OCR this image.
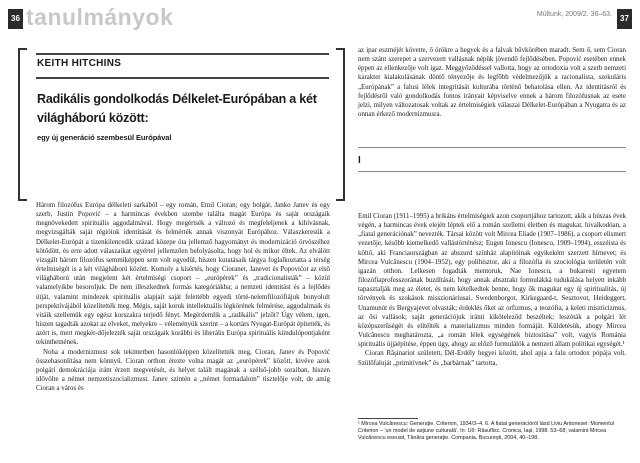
36 tanulmányok	Múltunk, 2009/2. 36–63.	37
KEITH HITCHINS
Radikális gondolkodás Délkelet-Európában a két világháború között:
egy új generáció szembesül Európával

Három filozófus Európa délkeleti sarkából – egy román, Emil Cioran; egy bolgár, Janko Janev és egy szerb, Justin Popović – a harmincas években szembe találta magát Európa és saját országaik megnövekedett spirituális aggodalmával. Hogy megértsék a változó és megfeleljenek a kihívásnak, megvizsgálták saját régióiuk identitását és felmérték annak viszonyát Európához. Válaszkeresük a Délkelet-Európát a tizenkilencedik század közepe óta jellemző hagyományt és modernizáció örvöszéhez kötődött, és erre adott válaszaikat egyértel jellemzően befolyásolta, hogy hol és mikor éltek. Az elválött vizsgált három filozófus semmiképpen sem volt egyedül, hiszen kutatásaik tárgya foglalkoztatta a térség értelmiségét is a két világháború között. Komoly a kísértés, hogy Cioranet, Janevet és Popovićot az első világháború után megjelent két értelmiségi csoport – „európérek” és „tradicionalisták” – közül valamelyikbe besoroljuk. De nem illeszkednek formás kategóriákba; a nemzeti identitást és a fejlődés útját, valamint mindezek spirituális alapjait saját felettébb egyedi törté-nelemfilozófiájuk bonyolult perspektívájából közelítették meg. Mégis, saját koruk intellektuális légkörének felmérése, aggodalmaik és vitáik szellemük egy egész korszakra terjedő fényt. Megérdemlik a „radikális” jelzőt? Úgy vélem, igen, hiszen tagadták azokat az elveket, melyekre – véleményük szerint – a kortárs Nyugat-Európát építették, és azért is, mert megkér-dőjelezték saját országaik korábbi és liberális Európa spirituális kiindulópontjaként tekinthetnének.

Noha a modernizmust sok tekintetben hasonlóképpen közelítették meg, Cioran, Janev és Popović összehasonlítása nem könnyű. Cioran orthon érezte volna magát az „európérek” között, kivéve azok polgári demokráciája iránt érzett megvetését, és helyet talált magának a szélső-jobb soraiban, hiszen idővölte a német nemzetiszocializmust. Janev szintén a „német formadalom” tisztelője volt, de amíg Cioran a város és

az ipar eszméjét követte, ő örökre a hegyek és a falvak bűvkörében maradt. Sem ő, sem Cioran nem szánt szerepet a szervezett vallásnak népük jövendő fejlődésében. Popović esetében ennek éppen az ellenkezője volt igaz. Meggyőződéssel vallotta, hogy az ortodoxia volt a szerb nemzeti karakter kialakulásának döntő tényezője és legfőbb védelmezőjük a racionalista, szekuláris „Európának” a falusi lélek integritását kulturába történő behatolása ellen. Az identitásról és fejlődésről való gondolkodás fontos irányait képviselve ennek a három filozófusnak az esete jelzi, milyen változatosak voltak az értelmiségiek válaszai Délkelet-Európában a Nyugatra és az onnan érkező modernizmusra.

I

Emil Cioran (1911–1995) a brikáns értelmiségiek azon csoportjához tartozott, akik a húszas évek végén, a harmincas évek elején léptek elő a román szellemi életben és magukat, hivalkodóan, a „fiatal generációnak” nevezték. Társai között volt Mircea Eliade (1907–1986), a csoport elismert vezetője, később kiemelkedő vallástörténész; Eugen Ionescu (Ionesco, 1909–1994), esszéista és költő, aki Franciaországban az abszurd színház alapítóinak egyikeként szerzett hírnevet; és Mircea Vulcănescu (1904–1952), egy polihisztor, aki a filozófia és szociológia területén volt igazán otthon. Lelkesen fogadták mentoruk, Nae Ionescu, a bukaresti egyetem filozófiaprofesszorának buzdítását, hogy annak absztrakt formulákká tudukálása helyett inkább tapasztalják meg az életet, és nem kételkedtek benne, hogy ők magukat egy új spiritualitás, új törvények és szokások misszionáriusai. Swedenborgot, Kirkegaard-t, Sesztovot, Heideggert, Unamunót és Bergyajevet olvasták; érdeklés őket az orfizmus, a teozófia, a keleti miszticizmus, az ősi vallások; saját generációjuk iránti kiköteleződ beszéltek; leszóták a polgári lét középszerűségét és elítélték a materializmus minden formáját. Küldetésük, ahogy Mircea Vulcănescu meghatározta, „a román lélek egységének biztosítása” volt, vagyis Románia spirituális újjáépítése, éppen úgy, ahogy az előző formulálók a nemzeti állam polítikai egységét.¹

Cioran Răşinariot született, Dél-Erdély hegyei között, ahol apja a falu ortodox pópája volt. Szülőfaluját „primitívnek” és „barbárnak” tartotta,

¹ Mircea Vulcănescu: Generaţie. Criterion, 1934/3–4. 6. A fiatal generációról lásd Liviu Antonesei: Momentul Criterion – ‘un model de asţiune culturală’. In: Uő: Râsuflisc. Cronica, Iaşi, 1998. 53–68; valamint Mircea Vulcănescu eseusit, Tânăra generaţie. Compania, Bucureşti, 2004, 40–198.
